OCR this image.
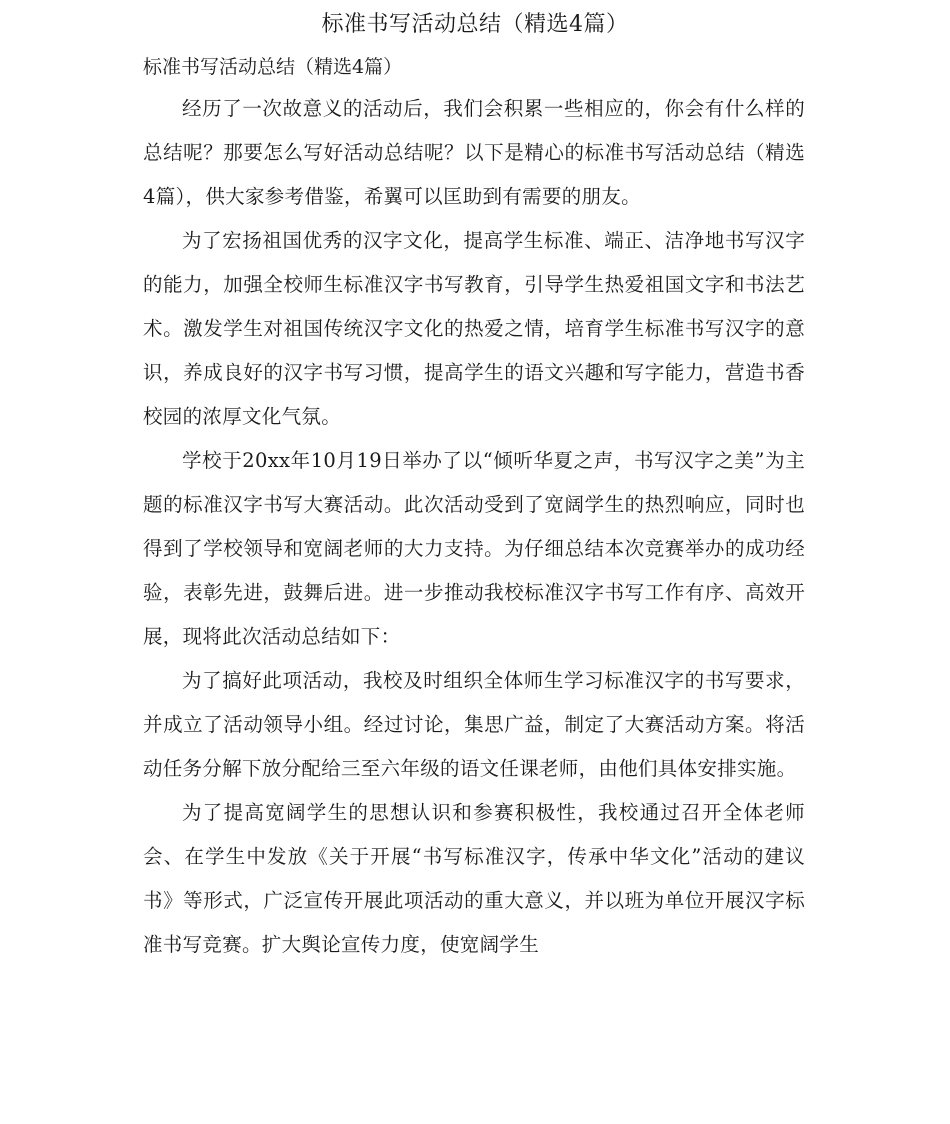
标准书写活动总结（精选4篇）

标准书写活动总结（精选4篇）

经历了一次故意义的活动后，我们会积累一些相应的，你会有什么样的总结呢？那要怎么写好活动总结呢？以下是精心的标准书写活动总结（精选4篇），供大家参考借鉴，希翼可以匡助到有需要的朋友。

为了宏扬祖国优秀的汉字文化，提高学生标准、端正、洁净地书写汉字的能力，加强全校师生标准汉字书写教育，引导学生热爱祖国文字和书法艺术。激发学生对祖国传统汉字文化的热爱之情，培育学生标准书写汉字的意识，养成良好的汉字书写习惯，提高学生的语文兴趣和写字能力，营造书香校园的浓厚文化气氛。

学校于20xx年10月19日举办了以“倾听华夏之声，书写汉字之美”为主题的标准汉字书写大赛活动。此次活动受到了宽阔学生的热烈响应，同时也得到了学校领导和宽阔老师的大力支持。为仔细总结本次竞赛举办的成功经验，表彰先进，鼓舞后进。进一步推动我校标准汉字书写工作有序、高效开展，现将此次活动总结如下：

为了搞好此项活动，我校及时组织全体师生学习标准汉字的书写要求，并成立了活动领导小组。经过讨论，集思广益，制定了大赛活动方案。将活动任务分解下放分配给三至六年级的语文任课老师，由他们具体安排实施。

为了提高宽阔学生的思想认识和参赛积极性，我校通过召开全体老师会、在学生中发放《关于开展“书写标准汉字，传承中华文化”活动的建议书》等形式，广泛宣传开展此项活动的重大意义，并以班为单位开展汉字标准书写竞赛。扩大舆论宣传力度，使宽阔学生
